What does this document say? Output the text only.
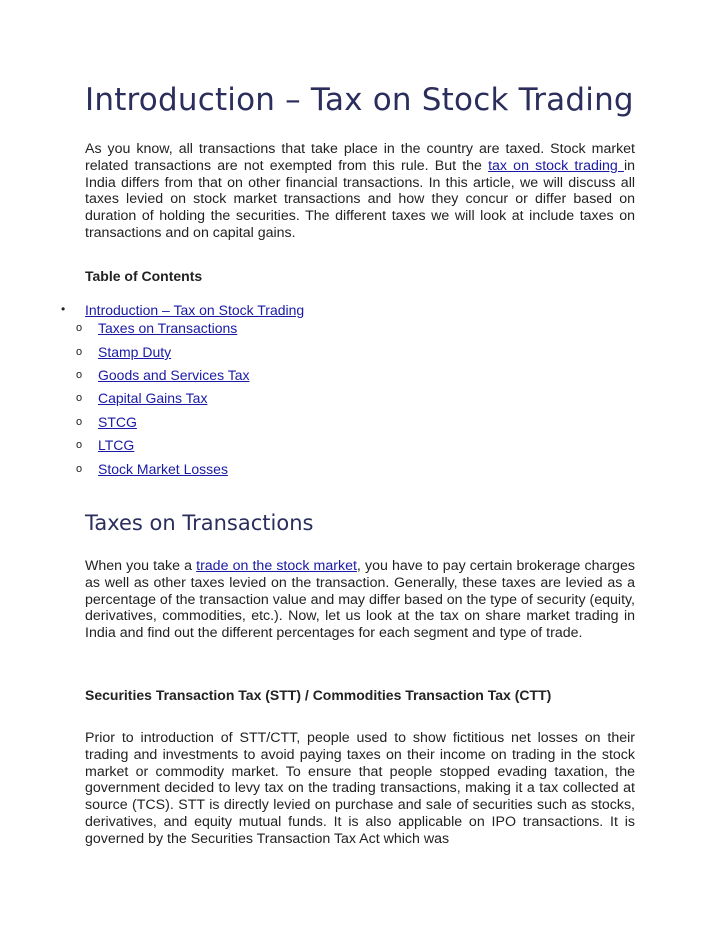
Introduction – Tax on Stock Trading

As you know, all transactions that take place in the country are taxed. Stock market related transactions are not exempted from this rule. But the tax on stock trading in India differs from that on other financial transactions. In this article, we will discuss all taxes levied on stock market transactions and how they concur or differ based on duration of holding the securities. The different taxes we will look at include taxes on transactions and on capital gains.

Table of Contents
• Introduction – Tax on Stock Trading
o Taxes on Transactions
o Stamp Duty
o Goods and Services Tax
o Capital Gains Tax
o STCG
o LTCG
o Stock Market Losses
Taxes on Transactions

When you take a trade on the stock market, you have to pay certain brokerage charges as well as other taxes levied on the transaction. Generally, these taxes are levied as a percentage of the transaction value and may differ based on the type of security (equity, derivatives, commodities, etc.). Now, let us look at the tax on share market trading in India and find out the different percentages for each segment and type of trade.

Securities Transaction Tax (STT) / Commodities Transaction Tax (CTT)

Prior to introduction of STT/CTT, people used to show fictitious net losses on their trading and investments to avoid paying taxes on their income on trading in the stock market or commodity market. To ensure that people stopped evading taxation, the government decided to levy tax on the trading transactions, making it a tax collected at source (TCS). STT is directly levied on purchase and sale of securities such as stocks, derivatives, and equity mutual funds. It is also applicable on IPO transactions. It is governed by the Securities Transaction Tax Act which was
